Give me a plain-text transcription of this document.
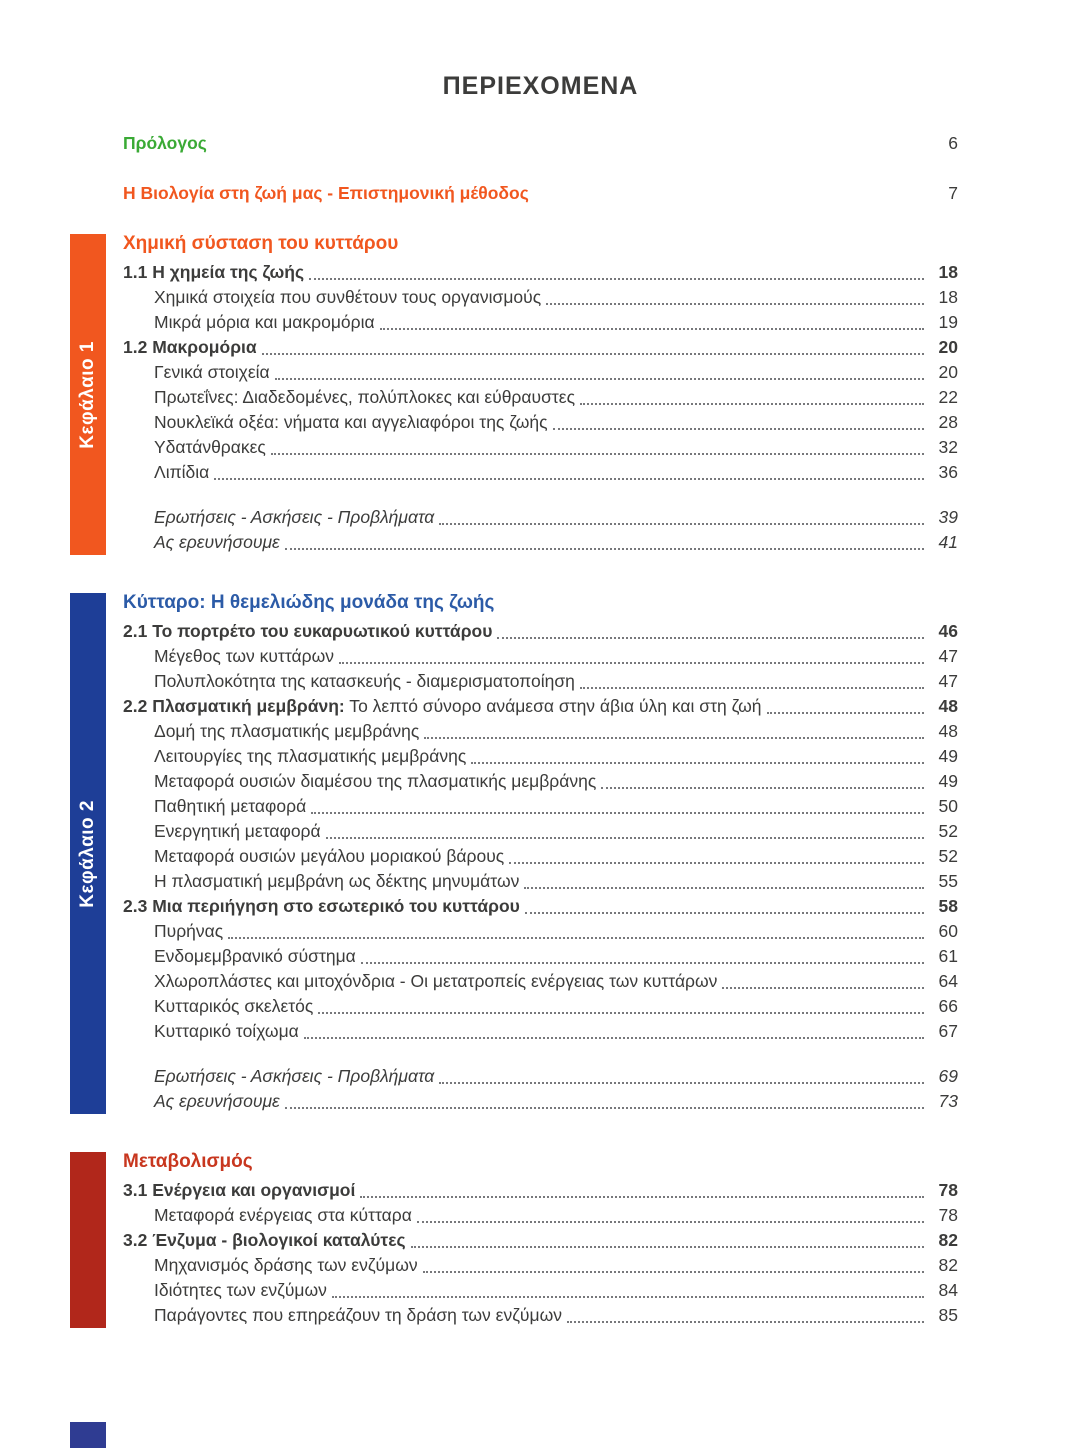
ΠΕΡΙΕΧΟΜΕΝΑ
Πρόλογος	6
Η Βιολογία στη ζωή μας - Επιστημονική μέθοδος	7
Κεφάλαιο 1
Χημική σύσταση του κυττάρου
1.1 Η χημεία της ζωής	18
Χημικά στοιχεία που συνθέτουν τους οργανισμούς	18
Μικρά μόρια και μακρομόρια	19
1.2 Μακρομόρια	20
Γενικά στοιχεία	20
Πρωτεΐνες: Διαδεδομένες, πολύπλοκες και εύθραυστες	22
Νουκλεϊκά οξέα: νήματα και αγγελιαφόροι της ζωής	28
Υδατάνθρακες	32
Λιπίδια	36
Ερωτήσεις - Ασκήσεις - Προβλήματα	39
Ας ερευνήσουμε	41
Κεφάλαιο 2
Κύτταρο: Η θεμελιώδης μονάδα της ζωής
2.1 Το πορτρέτο του ευκαρυωτικού κυττάρου	46
Μέγεθος των κυττάρων	47
Πολυπλοκότητα της κατασκευής - διαμερισματοποίηση	47
2.2 Πλασματική μεμβράνη: Το λεπτό σύνορο ανάμεσα στην άβια ύλη και στη ζωή	48
Δομή της πλασματικής μεμβράνης	48
Λειτουργίες της πλασματικής μεμβράνης	49
Μεταφορά ουσιών διαμέσου της πλασματικής μεμβράνης	49
Παθητική μεταφορά	50
Ενεργητική μεταφορά	52
Μεταφορά ουσιών μεγάλου μοριακού βάρους	52
Η πλασματική μεμβράνη ως δέκτης μηνυμάτων	55
2.3 Μια περιήγηση στο εσωτερικό του κυττάρου	58
Πυρήνας	60
Ενδομεμβρανικό σύστημα	61
Χλωροπλάστες και μιτοχόνδρια - Οι μετατροπείς ενέργειας των κυττάρων	64
Κυτταρικός σκελετός	66
Κυτταρικό τοίχωμα	67
Ερωτήσεις - Ασκήσεις - Προβλήματα	69
Ας ερευνήσουμε	73
Μεταβολισμός
3.1 Ενέργεια και οργανισμοί	78
Μεταφορά ενέργειας στα κύτταρα	78
3.2 Ένζυμα - βιολογικοί καταλύτες	82
Μηχανισμός δράσης των ενζύμων	82
Ιδιότητες των ενζύμων	84
Παράγοντες που επηρεάζουν τη δράση των ενζύμων	85
